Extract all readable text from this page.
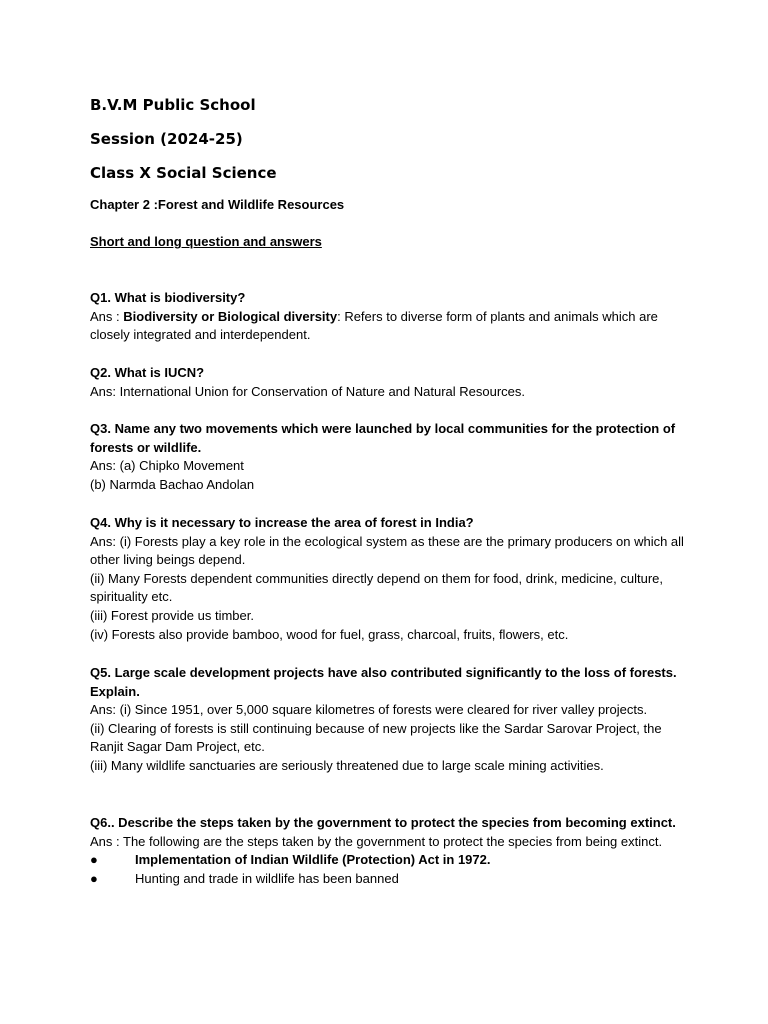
B.V.M Public School
Session (2024-25)
Class X Social Science
Chapter 2 :Forest and Wildlife Resources
Short and long question and answers

Q1. What is biodiversity?

Ans : Biodiversity or Biological diversity: Refers to diverse form of plants and animals which are closely integrated and interdependent.

Q2. What is IUCN?

Ans: International Union for Conservation of Nature and Natural Resources.

Q3. Name any two movements which were launched by local communities for the protection of forests or wildlife.

Ans: (a) Chipko Movement

(b) Narmda Bachao Andolan

Q4. Why is it necessary to increase the area of forest in India?

Ans: (i) Forests play a key role in the ecological system as these are the primary producers on which all other living beings depend.

(ii) Many Forests dependent communities directly depend on them for food, drink, medicine, culture, spirituality etc.

(iii) Forest provide us timber.

(iv) Forests also provide bamboo, wood for fuel, grass, charcoal, fruits, flowers, etc.

Q5. Large scale development projects have also contributed significantly to the loss of forests. Explain.

Ans: (i) Since 1951, over 5,000 square kilometres of forests were cleared for river valley projects.

(ii) Clearing of forests is still continuing because of new projects like the Sardar Sarovar Project, the Ranjit Sagar Dam Project, etc.

(iii) Many wildlife sanctuaries are seriously threatened due to large scale mining activities.

Q6.. Describe the steps taken by the government to protect the species from becoming extinct.

Ans : The following are the steps taken by the government to protect the species from being extinct.

●	Implementation of Indian Wildlife (Protection) Act in 1972.
●	Hunting and trade in wildlife has been banned
